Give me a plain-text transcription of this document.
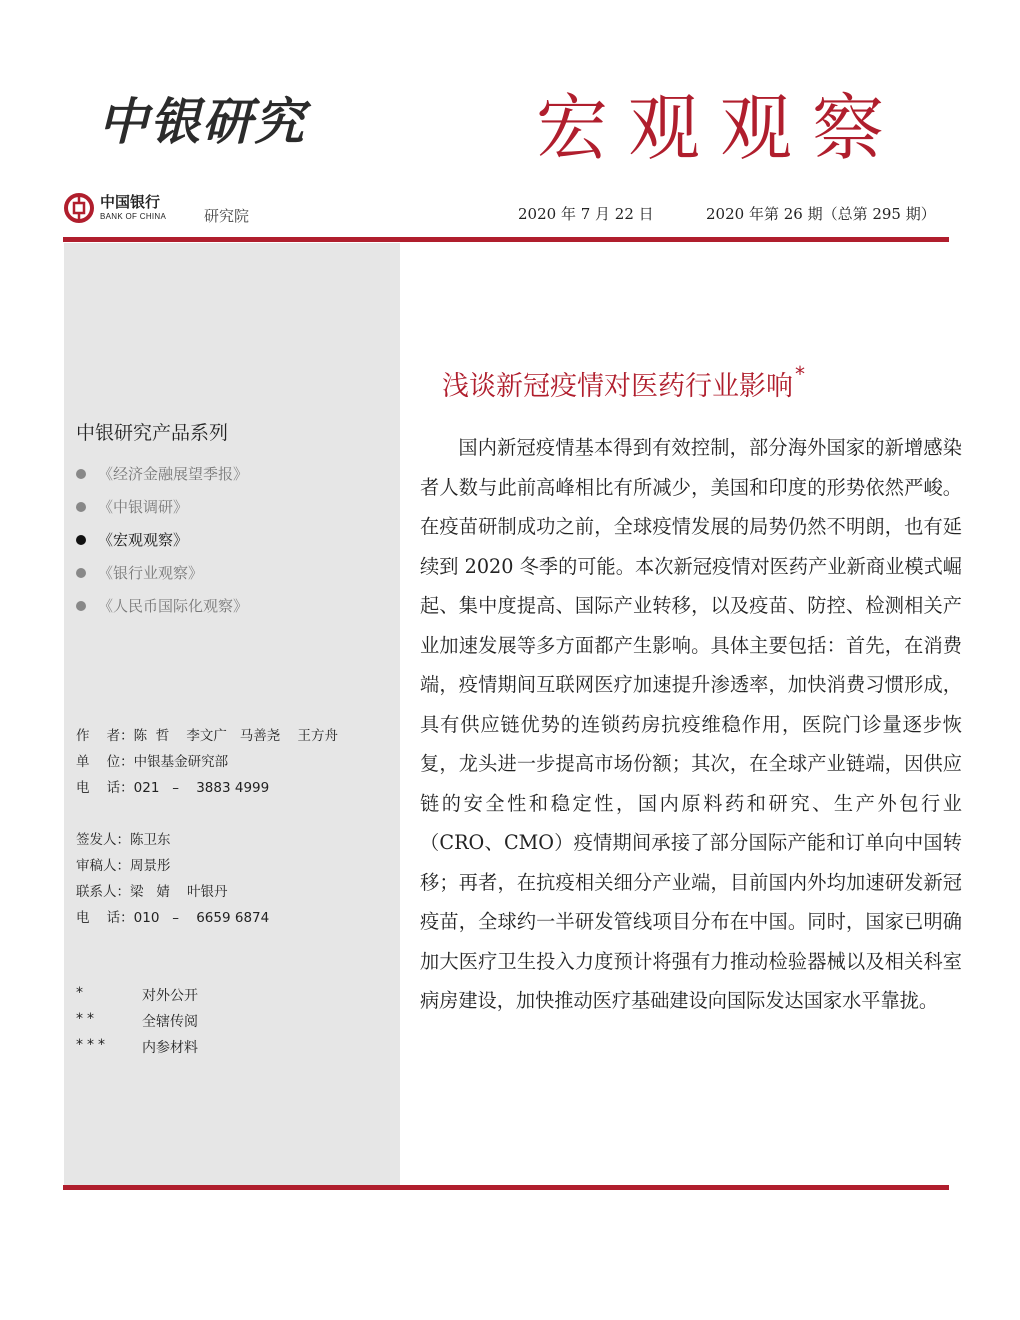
中银研究	宏观观察
中国银行
BANK OF CHINA	研究院	2020 年 7 月 22 日	2020 年第 26 期（总第 295 期）
中银研究产品系列
《经济金融展望季报》
《中银调研》
《宏观观察》
《银行业观察》
《人民币国际化观察》
作    者：陈  哲    李文广   马善尧    王方舟
单    位：中银基金研究部
电    话：021   –    3883 4999
签发人：陈卫东
审稿人：周景彤
联系人：梁   婧    叶银丹
电    话：010   –    6659 6874
*	对外公开
**	全辖传阅
***	内参材料
浅谈新冠疫情对医药行业影响 *

国内新冠疫情基本得到有效控制，部分海外国家的新增感染者人数与此前高峰相比有所减少，美国和印度的形势依然严峻。在疫苗研制成功之前，全球疫情发展的局势仍然不明朗，也有延续到 2020 冬季的可能。本次新冠疫情对医药产业新商业模式崛起、集中度提高、国际产业转移，以及疫苗、防控、检测相关产业加速发展等多方面都产生影响。具体主要包括：首先，在消费端，疫情期间互联网医疗加速提升渗透率，加快消费习惯形成，具有供应链优势的连锁药房抗疫维稳作用，医院门诊量逐步恢复，龙头进一步提高市场份额；其次，在全球产业链端，因供应链的安全性和稳定性，国内原料药和研究、生产外包行业（CRO、CMO）疫情期间承接了部分国际产能和订单向中国转移；再者，在抗疫相关细分产业端，目前国内外均加速研发新冠疫苗，全球约一半研发管线项目分布在中国。同时，国家已明确加大医疗卫生投入力度预计将强有力推动检验器械以及相关科室病房建设，加快推动医疗基础建设向国际发达国家水平靠拢。
